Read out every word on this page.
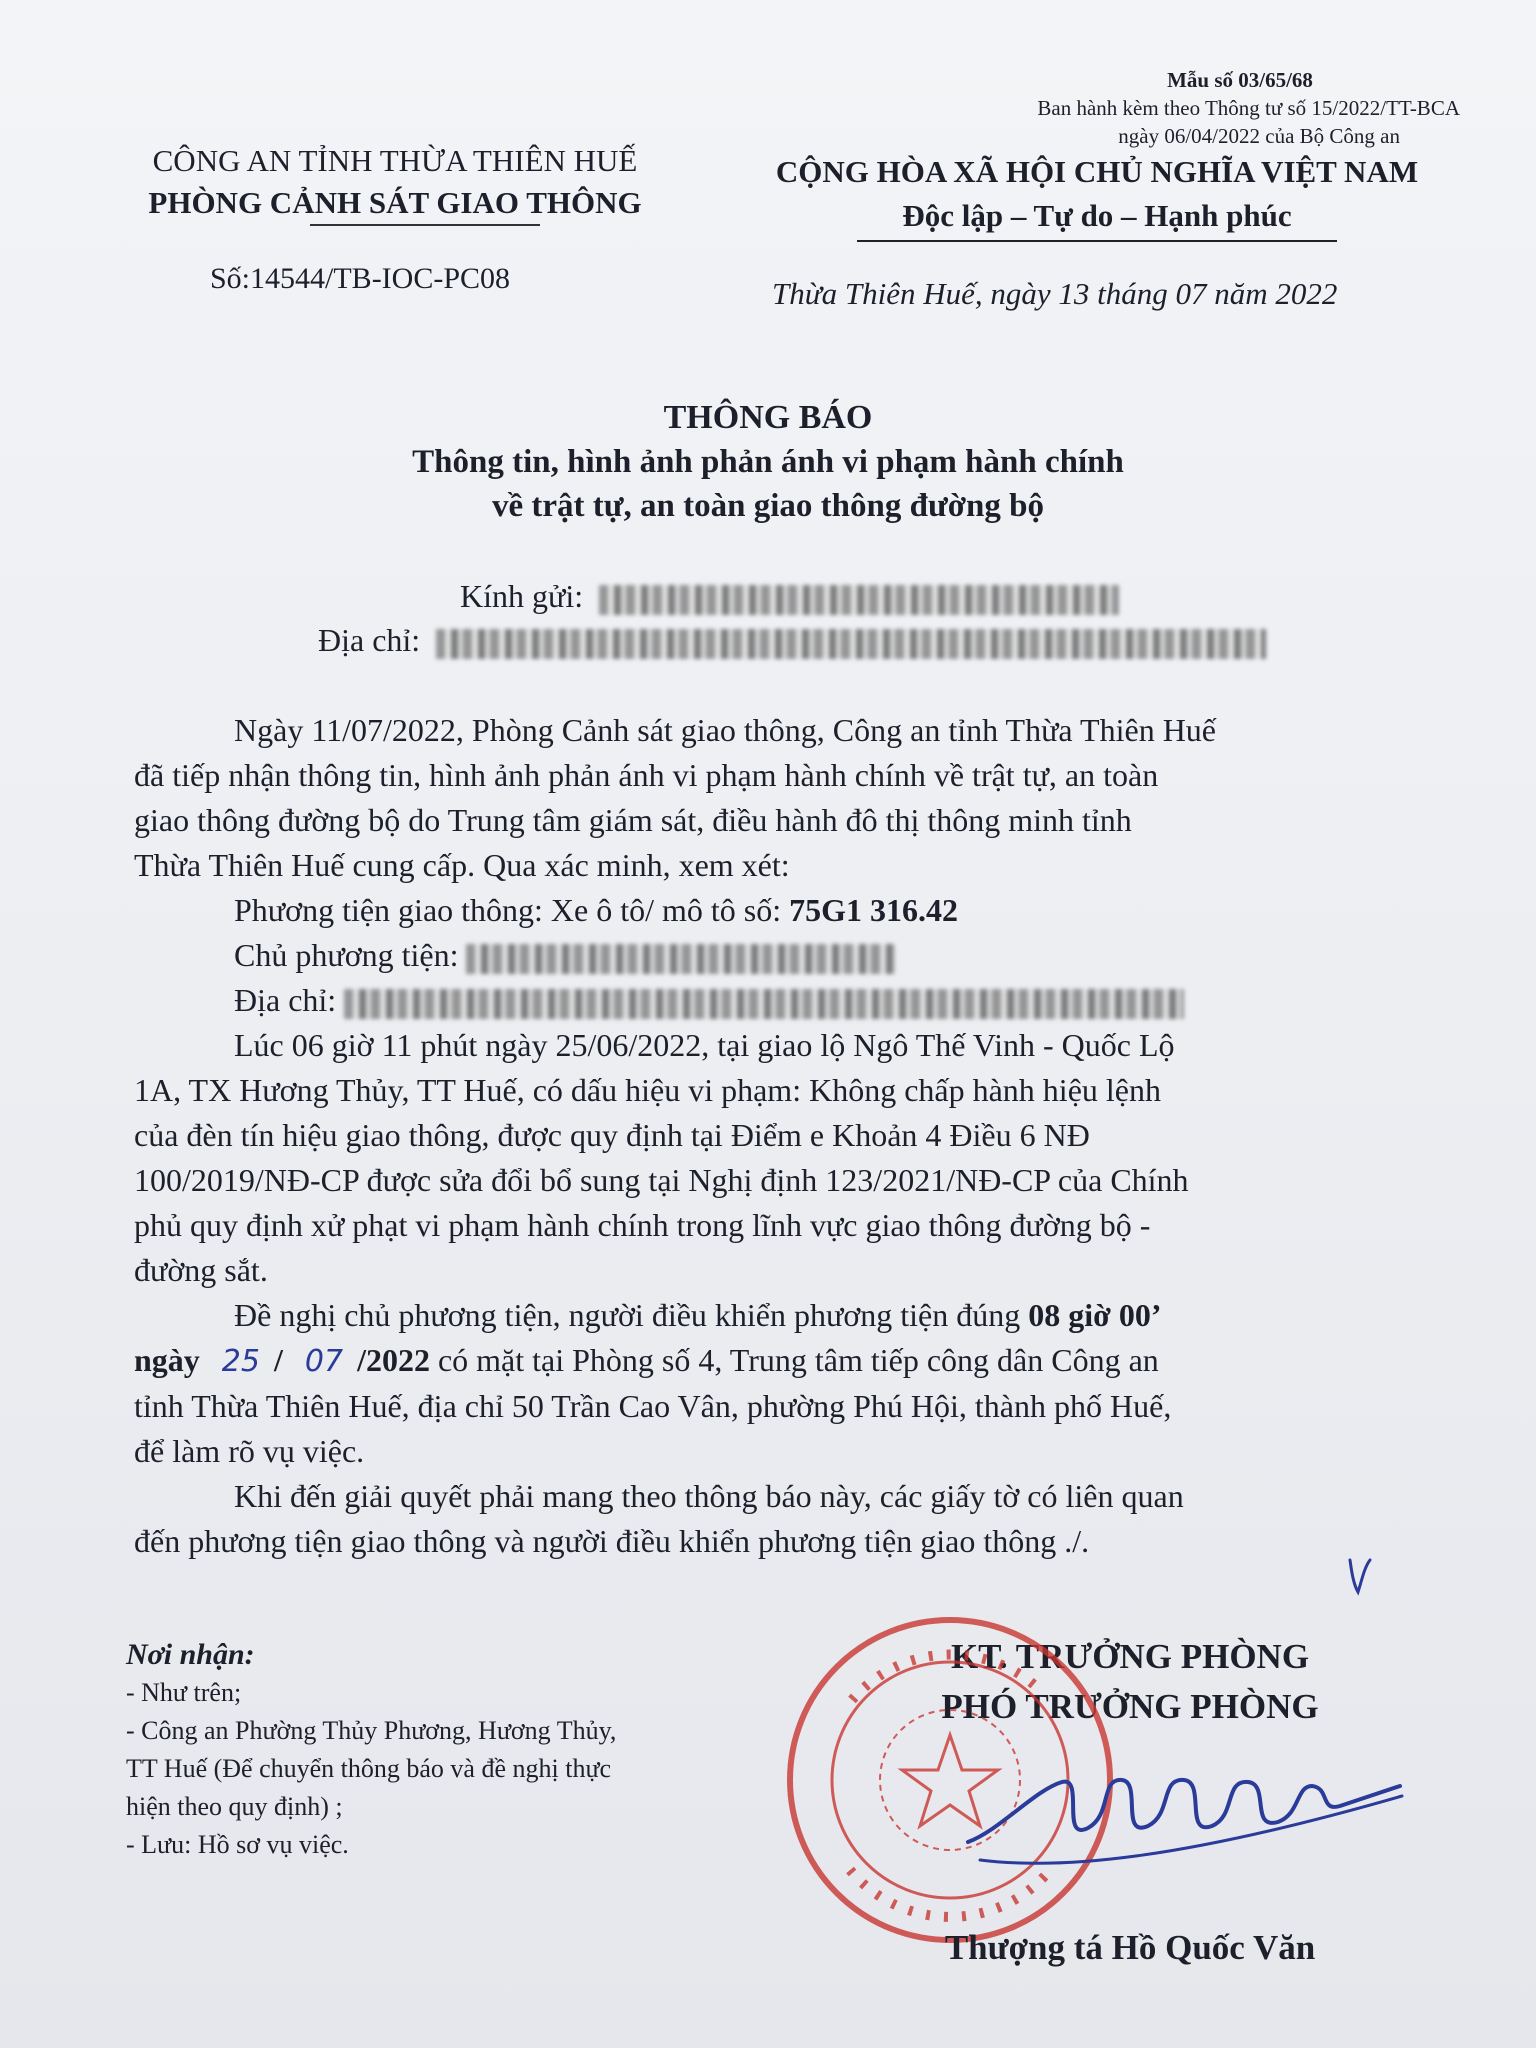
Mẫu số 03/65/68
Ban hành kèm theo Thông tư số 15/2022/TT-BCA
ngày 06/04/2022 của Bộ Công an
CÔNG AN TỈNH THỪA THIÊN HUẾ
PHÒNG CẢNH SÁT GIAO THÔNG
Số:14544/TB-IOC-PC08
CỘNG HÒA XÃ HỘI CHỦ NGHĨA VIỆT NAM
Độc lập – Tự do – Hạnh phúc
Thừa Thiên Huế, ngày 13 tháng 07 năm 2022
THÔNG BÁO
Thông tin, hình ảnh phản ánh vi phạm hành chính
về trật tự, an toàn giao thông đường bộ
Kính gửi:
Địa chỉ:
Ngày 11/07/2022, Phòng Cảnh sát giao thông, Công an tỉnh Thừa Thiên Huế
đã tiếp nhận thông tin, hình ảnh phản ánh vi phạm hành chính về trật tự, an toàn
giao thông đường bộ do Trung tâm giám sát, điều hành đô thị thông minh tỉnh
Thừa Thiên Huế cung cấp. Qua xác minh, xem xét:
Phương tiện giao thông: Xe ô tô/ mô tô số: 75G1 316.42
Chủ phương tiện:
Địa chỉ:
Lúc 06 giờ 11 phút ngày 25/06/2022, tại giao lộ Ngô Thế Vinh - Quốc Lộ
1A, TX Hương Thủy, TT Huế, có dấu hiệu vi phạm: Không chấp hành hiệu lệnh
của đèn tín hiệu giao thông, được quy định tại Điểm e Khoản 4 Điều 6 NĐ
100/2019/NĐ-CP được sửa đổi bổ sung tại Nghị định 123/2021/NĐ-CP của Chính
phủ quy định xử phạt vi phạm hành chính trong lĩnh vực giao thông đường bộ -
đường sắt.
Đề nghị chủ phương tiện, người điều khiển phương tiện đúng 08 giờ 00’
ngày 25 / 07 /2022 có mặt tại Phòng số 4, Trung tâm tiếp công dân Công an
tỉnh Thừa Thiên Huế, địa chỉ 50 Trần Cao Vân, phường Phú Hội, thành phố Huế,
để làm rõ vụ việc.
Khi đến giải quyết phải mang theo thông báo này, các giấy tờ có liên quan
đến phương tiện giao thông và người điều khiển phương tiện giao thông ./.
Nơi nhận:
- Như trên;
- Công an Phường Thủy Phương, Hương Thủy,
TT Huế (Để chuyển thông báo và đề nghị thực
hiện theo quy định) ;
- Lưu: Hồ sơ vụ việc.
KT. TRƯỞNG PHÒNG
PHÓ TRƯỞNG PHÒNG
Thượng tá Hồ Quốc Văn
